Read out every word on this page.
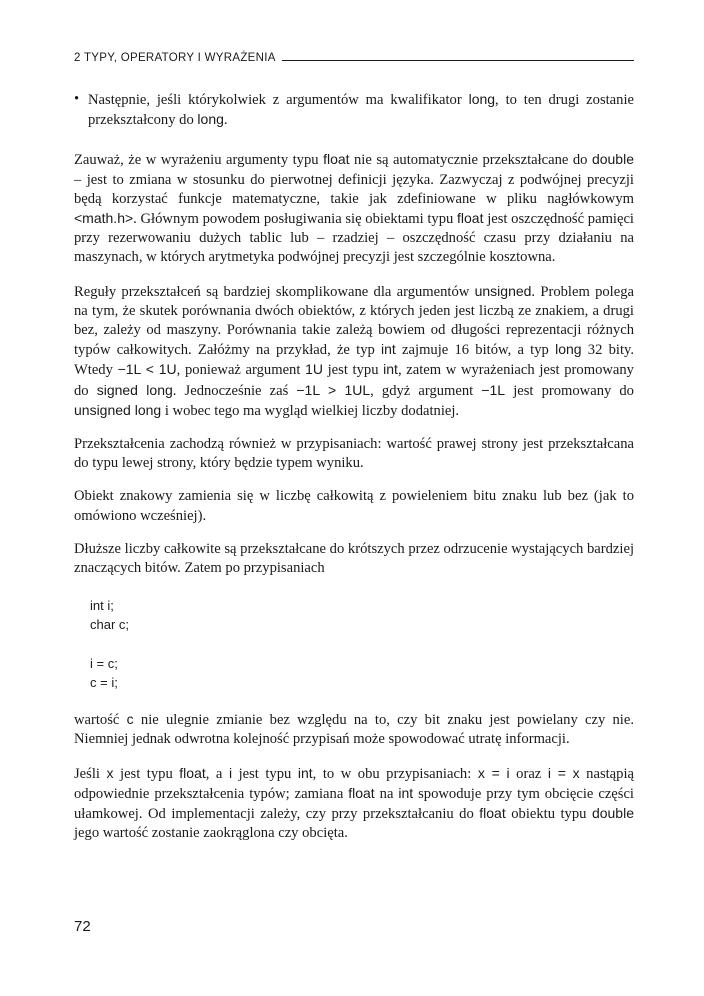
2 TYPY, OPERATORY I WYRAŻENIA

• Następnie, jeśli którykolwiek z argumentów ma kwalifikator long, to ten drugi zostanie przekształcony do long.

Zauważ, że w wyrażeniu argumenty typu float nie są automatycznie przekształcane do double – jest to zmiana w stosunku do pierwotnej definicji języka. Zazwyczaj z podwójnej precyzji będą korzystać funkcje matematyczne, takie jak zdefiniowane w pliku nagłówkowym <math.h>. Głównym powodem posługiwania się obiektami typu float jest oszczędność pamięci przy rezerwowaniu dużych tablic lub – rzadziej – oszczędność czasu przy działaniu na maszynach, w których arytmetyka podwójnej precyzji jest szczególnie kosztowna.

Reguły przekształceń są bardziej skomplikowane dla argumentów unsigned. Problem polega na tym, że skutek porównania dwóch obiektów, z których jeden jest liczbą ze znakiem, a drugi bez, zależy od maszyny. Porównania takie zależą bowiem od długości reprezentacji różnych typów całkowitych. Załóżmy na przykład, że typ int zajmuje 16 bitów, a typ long 32 bity. Wtedy −1L < 1U, ponieważ argument 1U jest typu int, zatem w wyrażeniach jest promowany do signed long. Jednocześnie zaś −1L > 1UL, gdyż argument −1L jest promowany do unsigned long i wobec tego ma wygląd wielkiej liczby dodatniej.

Przekształcenia zachodzą również w przypisaniach: wartość prawej strony jest przekształcana do typu lewej strony, który będzie typem wyniku.

Obiekt znakowy zamienia się w liczbę całkowitą z powieleniem bitu znaku lub bez (jak to omówiono wcześniej).

Dłuższe liczby całkowite są przekształcane do krótszych przez odrzucenie wystających bardziej znaczących bitów. Zatem po przypisaniach

int i;
char c;

i = c;
c = i;

wartość c nie ulegnie zmianie bez względu na to, czy bit znaku jest powielany czy nie. Niemniej jednak odwrotna kolejność przypisań może spowodować utratę informacji.

Jeśli x jest typu float, a i jest typu int, to w obu przypisaniach: x = i oraz i = x nastąpią odpowiednie przekształcenia typów; zamiana float na int spowoduje przy tym obcięcie części ułamkowej. Od implementacji zależy, czy przy przekształcaniu do float obiektu typu double jego wartość zostanie zaokrąglona czy obcięta.

72
